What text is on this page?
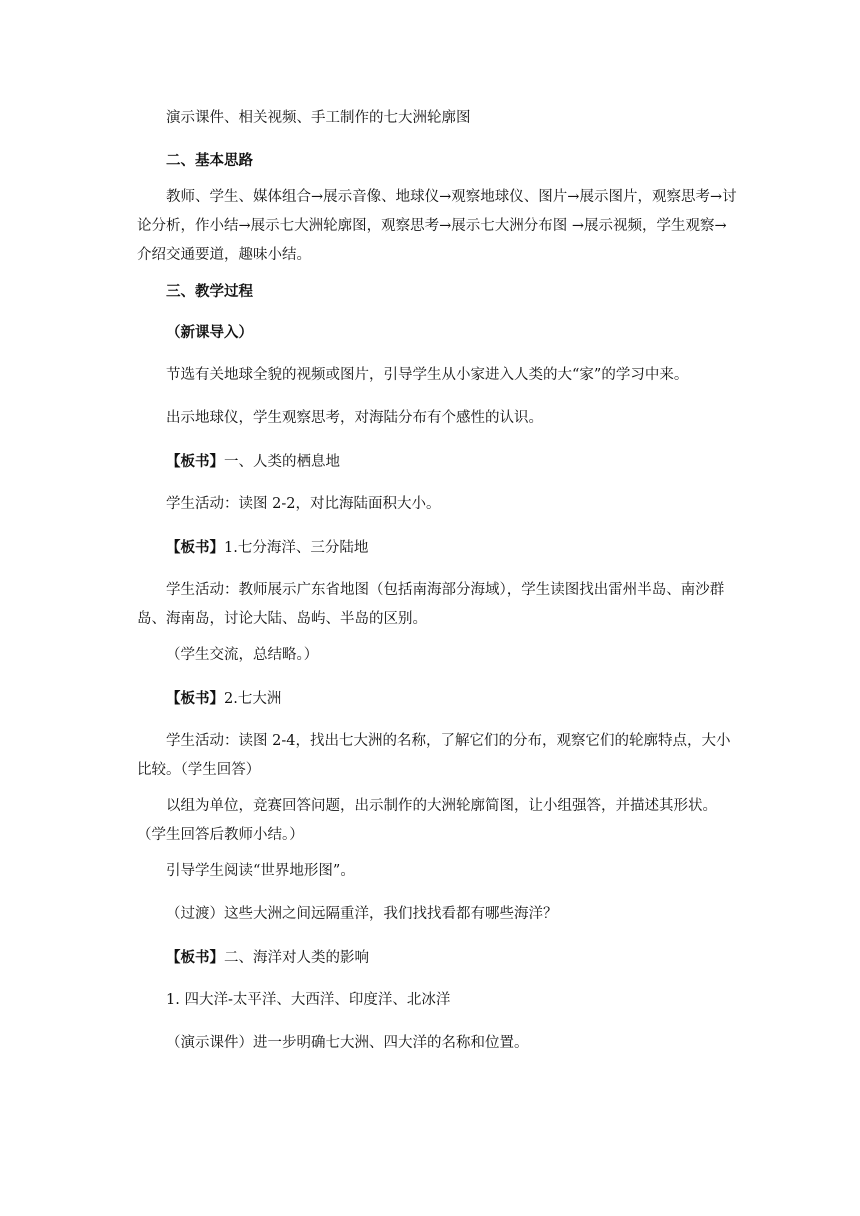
演示课件、相关视频、手工制作的七大洲轮廓图
二、基本思路
教师、学生、媒体组合→展示音像、地球仪→观察地球仪、图片→展示图片，观察思考→讨论分析，作小结→展示七大洲轮廓图，观察思考→展示七大洲分布图 →展示视频，学生观察→介绍交通要道，趣味小结。
三、教学过程
（新课导入）
节选有关地球全貌的视频或图片，引导学生从小家进入人类的大“家”的学习中来。
出示地球仪，学生观察思考，对海陆分布有个感性的认识。
【板书】一、人类的栖息地
学生活动：读图 2-2，对比海陆面积大小。
【板书】1.七分海洋、三分陆地
学生活动：教师展示广东省地图（包括南海部分海域），学生读图找出雷州半岛、南沙群岛、海南岛，讨论大陆、岛屿、半岛的区别。
（学生交流，总结略。）
【板书】2.七大洲
学生活动：读图 2-4，找出七大洲的名称，了解它们的分布，观察它们的轮廓特点，大小比较。（学生回答）
以组为单位，竞赛回答问题，出示制作的大洲轮廓简图，让小组强答，并描述其形状。（学生回答后教师小结。）
引导学生阅读“世界地形图”。
（过渡）这些大洲之间远隔重洋，我们找找看都有哪些海洋？
【板书】二、海洋对人类的影响
1. 四大洋-太平洋、大西洋、印度洋、北冰洋
（演示课件）进一步明确七大洲、四大洋的名称和位置。
